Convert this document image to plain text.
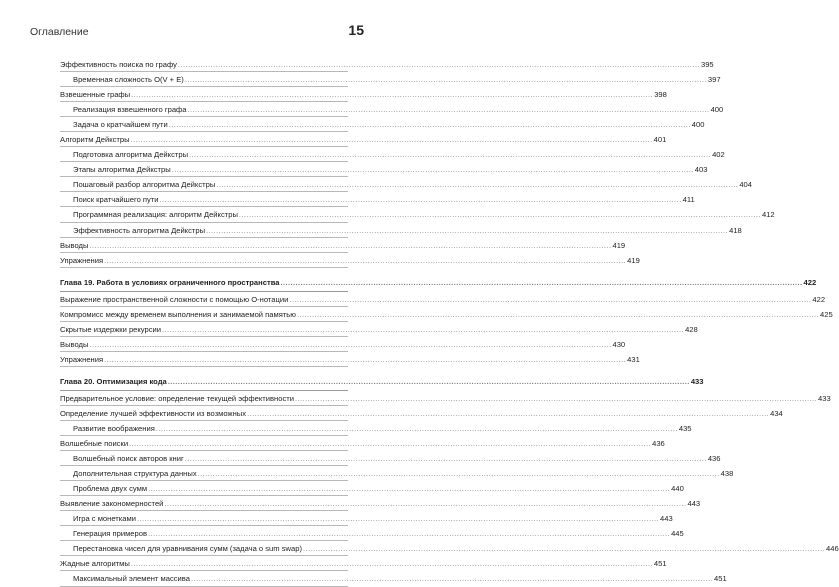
Оглавление	15
Эффективность поиска по графу .....	395
Временная сложность O(V + E) .....	397
Взвешенные графы .....	398
Реализация взвешенного графа .....	400
Задача о кратчайшем пути .....	400
Алгоритм Дейкстры .....	401
Подготовка алгоритма Дейкстры .....	402
Этапы алгоритма Дейкстры .....	403
Пошаговый разбор алгоритма Дейкстры .....	404
Поиск кратчайшего пути .....	411
Программная реализация: алгоритм Дейкстры .....	412
Эффективность алгоритма Дейкстры .....	418
Выводы .....	419
Упражнения .....	419
Глава 19. Работа в условиях ограниченного пространства .....	422
Выражение пространственной сложности с помощью O-нотации .....	422
Компромисс между временем выполнения и занимаемой памятью .....	425
Скрытые издержки рекурсии .....	428
Выводы .....	430
Упражнения .....	431
Глава 20. Оптимизация кода .....	433
Предварительное условие: определение текущей эффективности .....	433
Определение лучшей эффективности из возможных .....	434
Развитие воображения .....	435
Волшебные поиски .....	436
Волшебный поиск авторов книг .....	436
Дополнительная структура данных .....	438
Проблема двух сумм .....	440
Выявление закономерностей .....	443
Игра с монетками .....	443
Генерация примеров .....	445
Перестановка чисел для уравнивания сумм (задача о sum swap) .....	446
Жадные алгоритмы .....	451
Максимальный элемент массива .....	451
